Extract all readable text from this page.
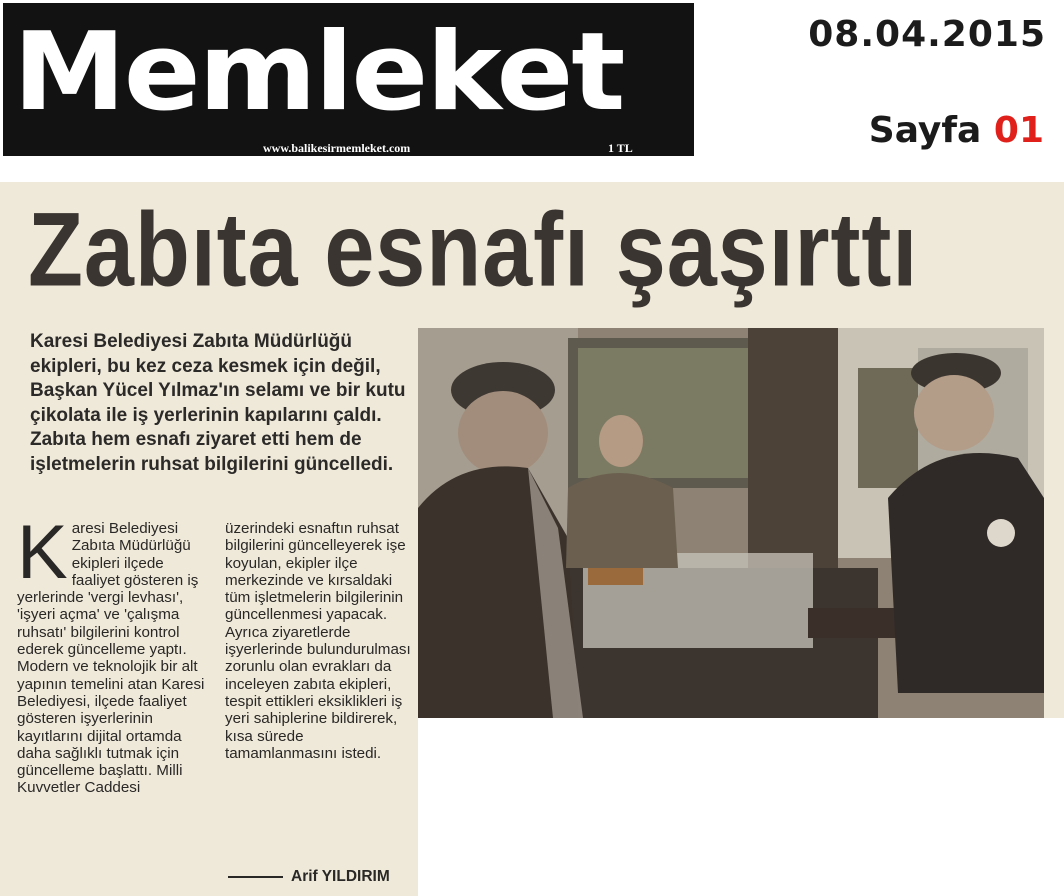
Memleket
www.balikesirmemleket.com	1 TL
08.04.2015
Sayfa 01
Zabıta esnafı şaşırttı
Karesi Belediyesi Zabıta Müdürlüğü ekipleri, bu kez ceza kesmek için değil, Başkan Yücel Yılmaz'ın selamı ve bir kutu çikolata ile iş yerlerinin kapılarını çaldı. Zabıta hem esnafı ziyaret etti hem de işletmelerin ruhsat bilgilerini güncelledi.
K aresi Belediyesi Zabıta Müdürlüğü ekipleri ilçede faaliyet gösteren iş yerlerinde 'vergi levhası', 'işyeri açma' ve 'çalışma ruhsatı' bilgilerini kontrol ederek güncelleme yaptı. Modern ve teknolojik bir alt yapının temelini atan Karesi Belediyesi, ilçede faaliyet gösteren işyerlerinin kayıtlarını dijital ortamda daha sağlıklı tutmak için güncelleme başlattı. Milli Kuvvetler Caddesi
üzerindeki esnaftın ruhsat bilgilerini güncelleyerek işe koyulan, ekipler ilçe merkezinde ve kırsaldaki tüm işletmelerin bilgilerinin güncellenmesi yapacak. Ayrıca ziyaretlerde işyerlerinde bulundurulması zorunlu olan evrakları da inceleyen zabıta ekipleri, tespit ettikleri eksiklikleri iş yeri sahiplerine bildirerek, kısa sürede tamamlanmasını istedi.
Arif YILDIRIM
